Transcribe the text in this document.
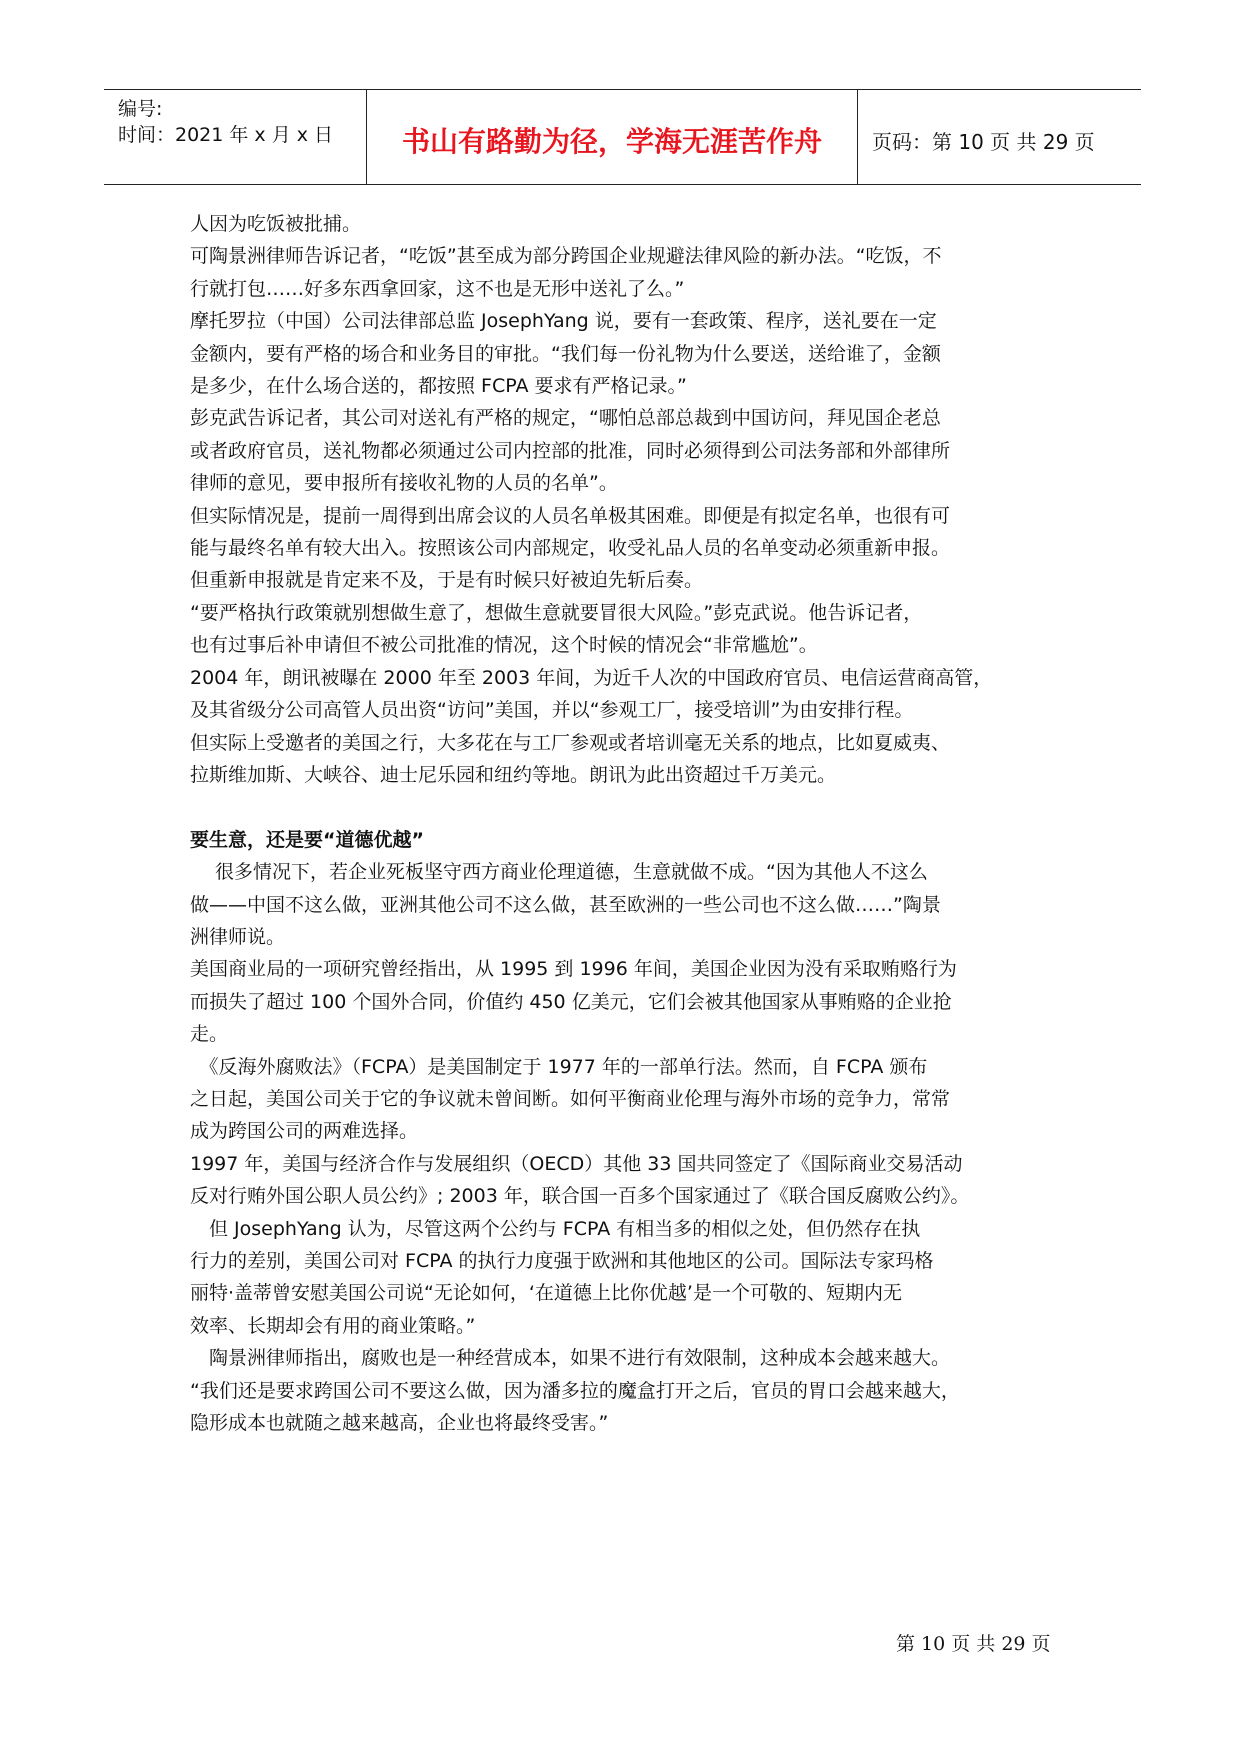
编号:
时间：2021 年 x 月 x 日	书山有路勤为径，学海无涯苦作舟	页码：第 10 页 共 29 页

人因为吃饭被批捕。

可陶景洲律师告诉记者，“吃饭”甚至成为部分跨国企业规避法律风险的新办法。“吃饭，不

行就打包……好多东西拿回家，这不也是无形中送礼了么。”

摩托罗拉（中国）公司法律部总监 JosephYang 说，要有一套政策、程序，送礼要在一定

金额内，要有严格的场合和业务目的审批。“我们每一份礼物为什么要送，送给谁了，金额

是多少，在什么场合送的，都按照 FCPA 要求有严格记录。”

彭克武告诉记者，其公司对送礼有严格的规定，“哪怕总部总裁到中国访问，拜见国企老总

或者政府官员，送礼物都必须通过公司内控部的批准，同时必须得到公司法务部和外部律所

律师的意见，要申报所有接收礼物的人员的名单”。

但实际情况是，提前一周得到出席会议的人员名单极其困难。即便是有拟定名单，也很有可

能与最终名单有较大出入。按照该公司内部规定，收受礼品人员的名单变动必须重新申报。

但重新申报就是肯定来不及，于是有时候只好被迫先斩后奏。

“要严格执行政策就别想做生意了，想做生意就要冒很大风险。”彭克武说。他告诉记者，

也有过事后补申请但不被公司批准的情况，这个时候的情况会“非常尴尬”。

2004 年，朗讯被曝在 2000 年至 2003 年间，为近千人次的中国政府官员、电信运营商高管，

及其省级分公司高管人员出资“访问”美国，并以“参观工厂，接受培训”为由安排行程。

但实际上受邀者的美国之行，大多花在与工厂参观或者培训毫无关系的地点，比如夏威夷、

拉斯维加斯、大峡谷、迪士尼乐园和纽约等地。朗讯为此出资超过千万美元。

要生意，还是要“道德优越”

　 很多情况下，若企业死板坚守西方商业伦理道德，生意就做不成。“因为其他人不这么

做——中国不这么做，亚洲其他公司不这么做，甚至欧洲的一些公司也不这么做……”陶景

洲律师说。

美国商业局的一项研究曾经指出，从 1995 到 1996 年间，美国企业因为没有采取贿赂行为

而损失了超过 100 个国外合同，价值约 450 亿美元，它们会被其他国家从事贿赂的企业抢

走。

　《反海外腐败法》（FCPA）是美国制定于 1977 年的一部单行法。然而，自 FCPA 颁布

之日起，美国公司关于它的争议就未曾间断。如何平衡商业伦理与海外市场的竞争力，常常

成为跨国公司的两难选择。

1997 年，美国与经济合作与发展组织（OECD）其他 33 国共同签定了《国际商业交易活动

反对行贿外国公职人员公约》; 2003 年，联合国一百多个国家通过了《联合国反腐败公约》。

　但 JosephYang 认为，尽管这两个公约与 FCPA 有相当多的相似之处，但仍然存在执

行力的差别，美国公司对 FCPA 的执行力度强于欧洲和其他地区的公司。国际法专家玛格

丽特·盖蒂曾安慰美国公司说“无论如何，‘在道德上比你优越’是一个可敬的、短期内无

效率、长期却会有用的商业策略。”

　陶景洲律师指出，腐败也是一种经营成本，如果不进行有效限制，这种成本会越来越大。

“我们还是要求跨国公司不要这么做，因为潘多拉的魔盒打开之后，官员的胃口会越来越大，

隐形成本也就随之越来越高，企业也将最终受害。”

第 10 页 共 29 页
